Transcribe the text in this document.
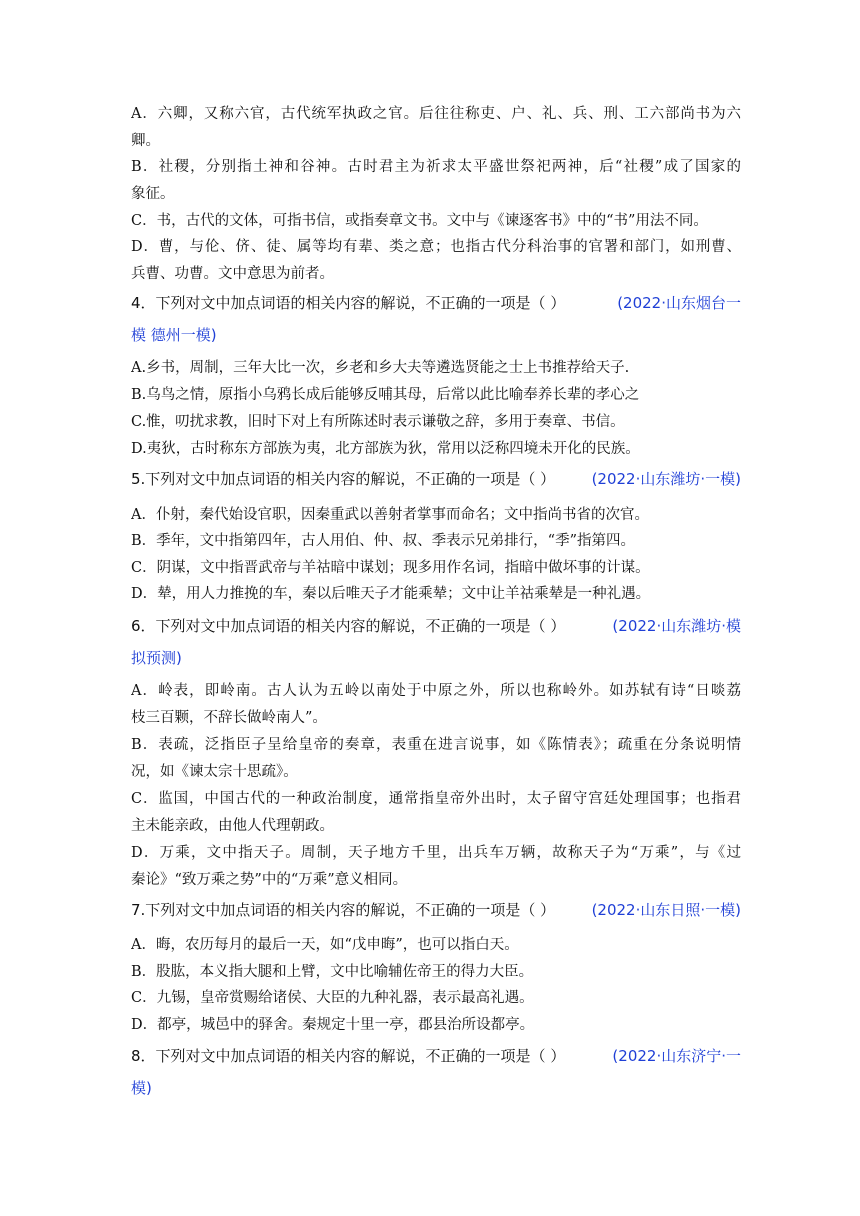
A．六卿，又称六官，古代统军执政之官。后往往称吏、户、礼、兵、刑、工六部尚书为六
卿。
B．社稷，分别指土神和谷神。古时君主为祈求太平盛世祭祀两神，后“社稷”成了国家的
象征。
C．书，古代的文体，可指书信，或指奏章文书。文中与《谏逐客书》中的“书”用法不同。
D．曹，与伦、侪、徒、属等均有辈、类之意；也指古代分科治事的官署和部门，如刑曹、
兵曹、功曹。文中意思为前者。
4．下列对文中加点词语的相关内容的解说，不正确的一项是（ ）	(2022·山东烟台一
模 德州一模)
A.乡书，周制，三年大比一次，乡老和乡大夫等遴选贤能之士上书推荐给天子.
B.乌鸟之情，原指小乌鸦长成后能够反哺其母，后常以此比喻奉养长辈的孝心之
C.惟，叨扰求教，旧时下对上有所陈述时表示谦敬之辞，多用于奏章、书信。
D.夷狄，古时称东方部族为夷，北方部族为狄，常用以泛称四境未开化的民族。
5.下列对文中加点词语的相关内容的解说，不正确的一项是（ ） (2022·山东潍坊·一模)
A．仆射，秦代始设官职，因秦重武以善射者掌事而命名；文中指尚书省的次官。
B．季年，文中指第四年，古人用伯、仲、叔、季表示兄弟排行，“季”指第四。
C．阴谋，文中指晋武帝与羊祜暗中谋划；现多用作名词，指暗中做坏事的计谋。
D．辇，用人力推挽的车，秦以后唯天子才能乘辇；文中让羊祜乘辇是一种礼遇。
6．下列对文中加点词语的相关内容的解说，不正确的一项是（ ）	(2022·山东潍坊·模
拟预测)
A．岭表，即岭南。古人认为五岭以南处于中原之外，所以也称岭外。如苏轼有诗“日啖荔
枝三百颗，不辞长做岭南人”。
B．表疏，泛指臣子呈给皇帝的奏章，表重在进言说事，如《陈情表》；疏重在分条说明情
况，如《谏太宗十思疏》。
C．监国，中国古代的一种政治制度，通常指皇帝外出时，太子留守宫廷处理国事；也指君
主未能亲政，由他人代理朝政。
D．万乘，文中指天子。周制，天子地方千里，出兵车万辆，故称天子为“万乘”，与《过
秦论》“致万乘之势”中的“万乘”意义相同。
7.下列对文中加点词语的相关内容的解说，不正确的一项是（ ） (2022·山东日照·一模)
A．晦，农历每月的最后一天，如“戊申晦”，也可以指白天。
B．股肱，本义指大腿和上臂，文中比喻辅佐帝王的得力大臣。
C．九锡，皇帝赏赐给诸侯、大臣的九种礼器，表示最高礼遇。
D．都亭，城邑中的驿舍。秦规定十里一亭，郡县治所设都亭。
8．下列对文中加点词语的相关内容的解说，不正确的一项是（ ）	(2022·山东济宁·一
模)
